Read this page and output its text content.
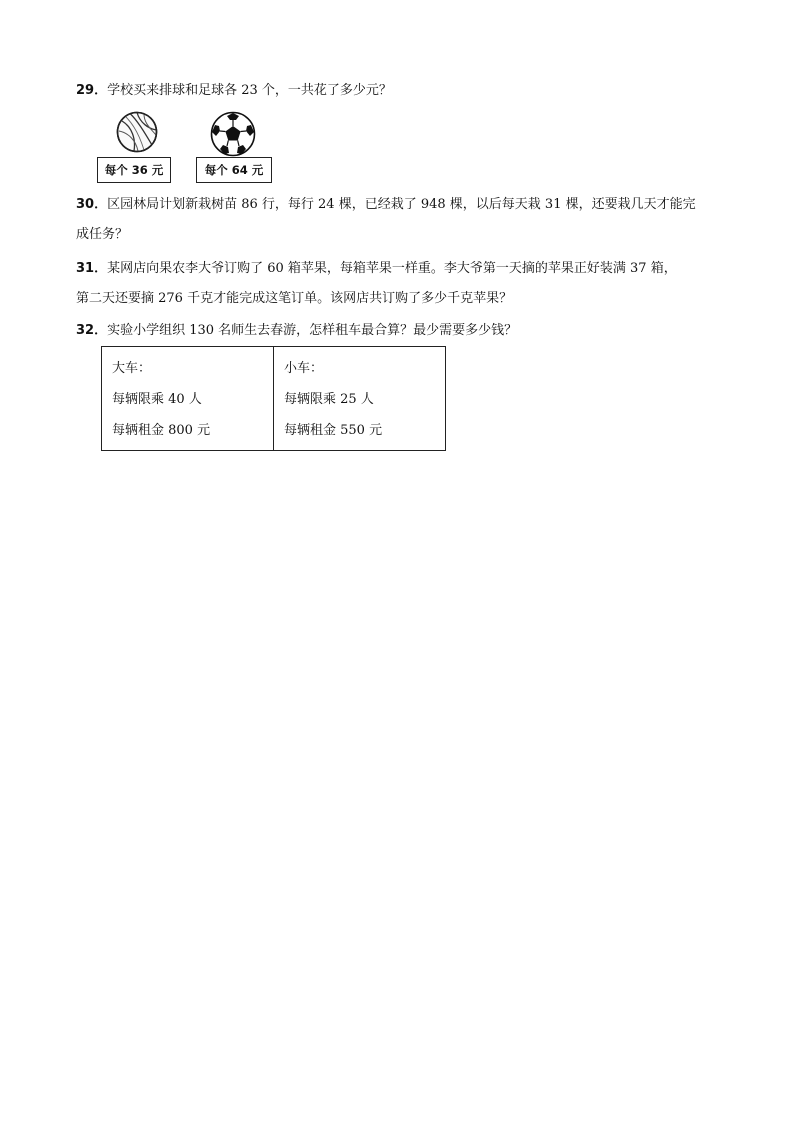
29．学校买来排球和足球各 23 个，一共花了多少元？
每个 36 元	每个 64 元
30．区园林局计划新栽树苗 86 行，每行 24 棵，已经栽了 948 棵，以后每天栽 31 棵，还要栽几天才能完
成任务？
31．某网店向果农李大爷订购了 60 箱苹果，每箱苹果一样重。李大爷第一天摘的苹果正好装满 37 箱，
第二天还要摘 276 千克才能完成这笔订单。该网店共订购了多少千克苹果？
32．实验小学组织 130 名师生去春游，怎样租车最合算？最少需要多少钱？
大车：
每辆限乘 40 人
每辆租金 800 元

小车：
每辆限乘 25 人
每辆租金 550 元
